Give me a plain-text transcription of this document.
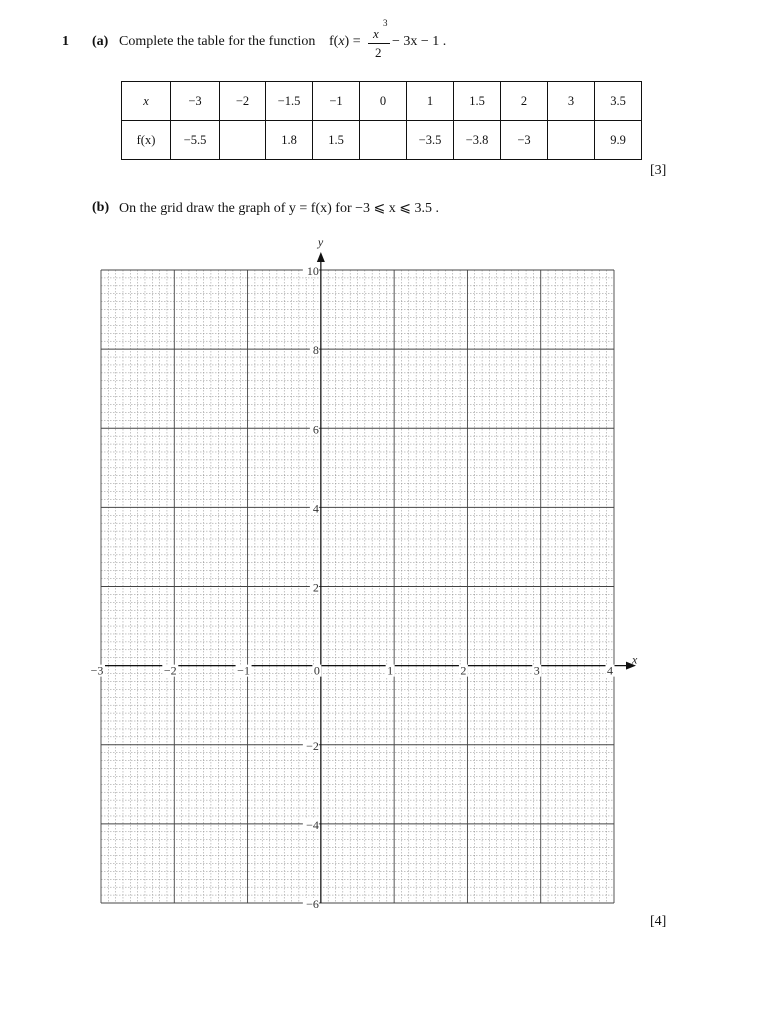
1 (a) Complete the table for the function f(x) =
x
3
2
− 3x − 1 .
x	−3	−2	−1.5	−1	0	1	1.5	2	3	3.5
f(x)	−5.5		1.8	1.5		−3.5	−3.8	−3		9.9
[3]
(b) On the grid draw the graph of y = f(x) for −3 ⩽ x ⩽ 3.5 .
x
y
−3	−2	−1	0	1	2	3	4
10
8
6
4
2
−2
−4
−6
[4]
